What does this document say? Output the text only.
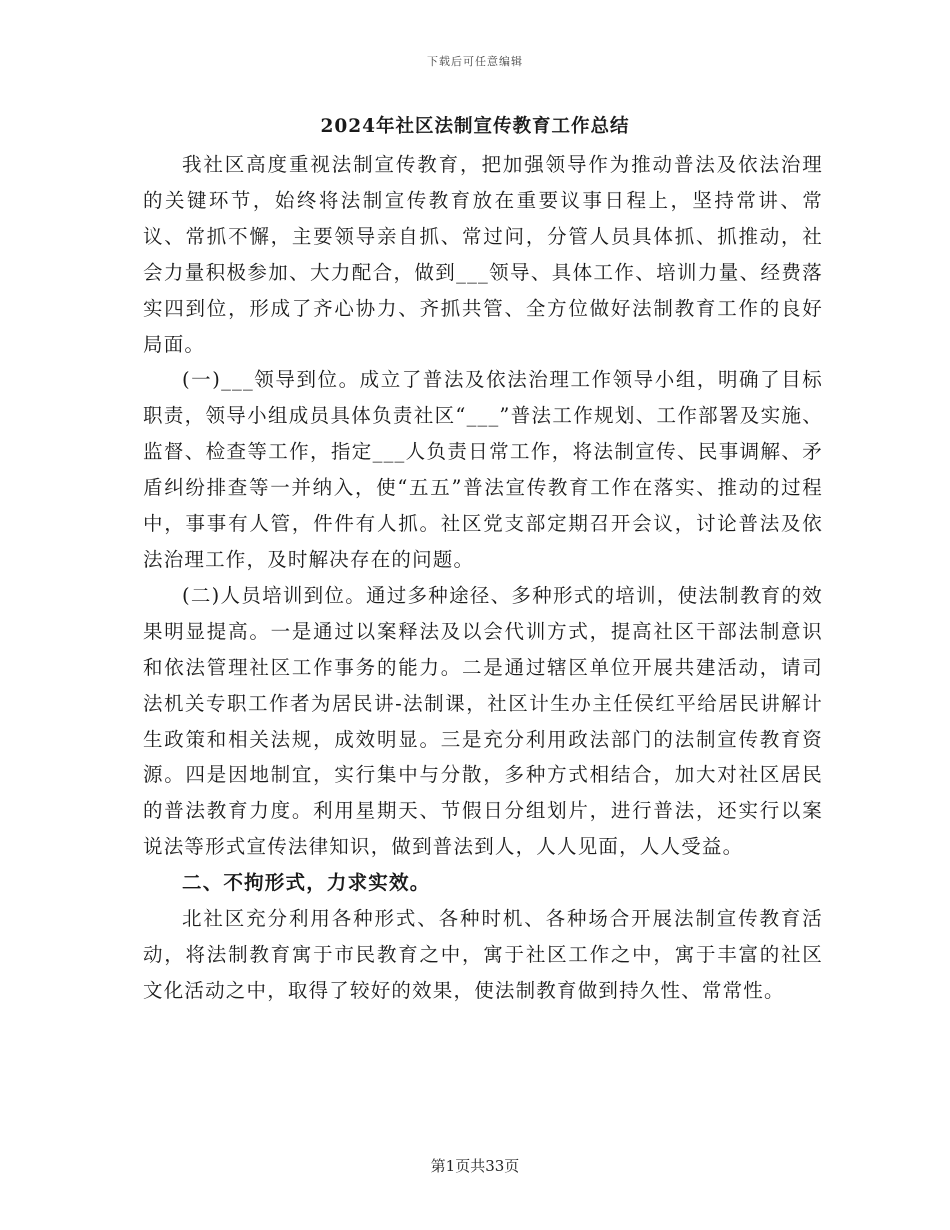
下载后可任意编辑
2024年社区法制宣传教育工作总结

我社区高度重视法制宣传教育，把加强领导作为推动普法及依法治理的关键环节，始终将法制宣传教育放在重要议事日程上，坚持常讲、常议、常抓不懈，主要领导亲自抓、常过问，分管人员具体抓、抓推动，社会力量积极参加、大力配合，做到___领导、具体工作、培训力量、经费落实四到位，形成了齐心协力、齐抓共管、全方位做好法制教育工作的良好局面。

(一)___领导到位。成立了普法及依法治理工作领导小组，明确了目标职责，领导小组成员具体负责社区“___”普法工作规划、工作部署及实施、监督、检查等工作，指定___人负责日常工作，将法制宣传、民事调解、矛盾纠纷排查等一并纳入，使“五五”普法宣传教育工作在落实、推动的过程中，事事有人管，件件有人抓。社区党支部定期召开会议，讨论普法及依法治理工作，及时解决存在的问题。

(二)人员培训到位。通过多种途径、多种形式的培训，使法制教育的效果明显提高。一是通过以案释法及以会代训方式，提高社区干部法制意识和依法管理社区工作事务的能力。二是通过辖区单位开展共建活动，请司法机关专职工作者为居民讲-法制课，社区计生办主任侯红平给居民讲解计生政策和相关法规，成效明显。三是充分利用政法部门的法制宣传教育资源。四是因地制宜，实行集中与分散，多种方式相结合，加大对社区居民的普法教育力度。利用星期天、节假日分组划片，进行普法，还实行以案说法等形式宣传法律知识，做到普法到人，人人见面，人人受益。

二、不拘形式，力求实效。

北社区充分利用各种形式、各种时机、各种场合开展法制宣传教育活动，将法制教育寓于市民教育之中，寓于社区工作之中，寓于丰富的社区文化活动之中，取得了较好的效果，使法制教育做到持久性、常常性。

第1页共33页
